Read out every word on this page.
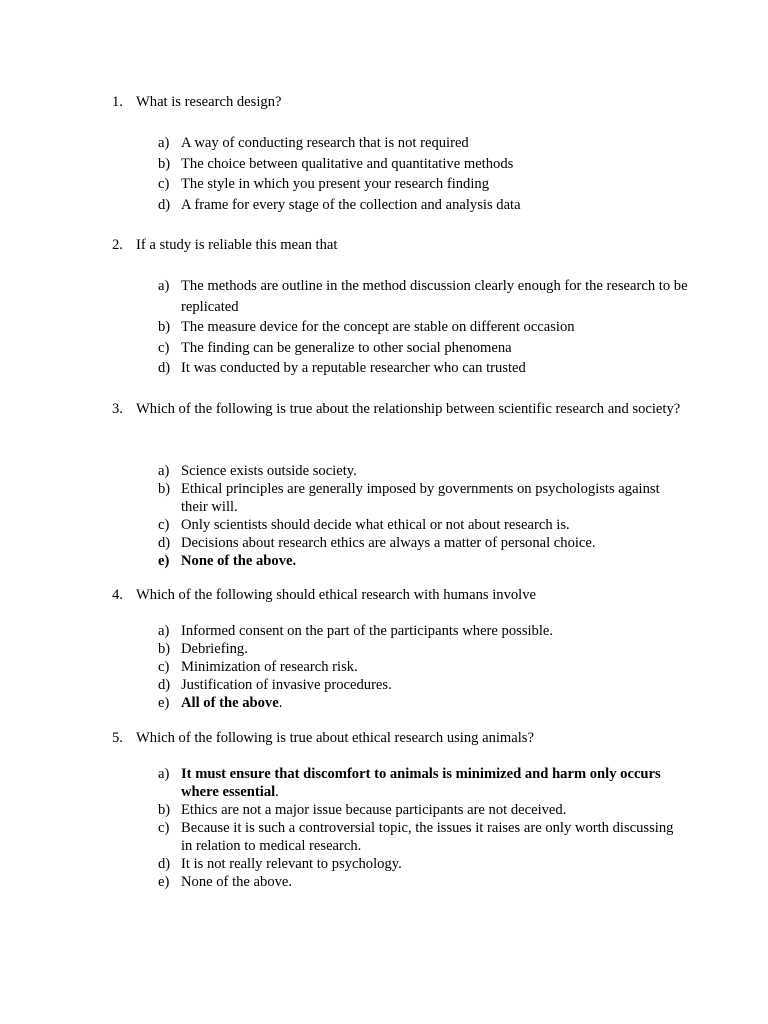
1. What is research design?
a) A way of conducting research that is not required
b) The choice between qualitative and quantitative methods
c) The style in which you present your research finding
d) A frame for every stage of the collection and analysis data
2. If a study is reliable this mean that
a) The methods are outline in the method discussion clearly enough for the research to be replicated
b) The measure device for the concept are stable on different occasion
c) The finding can be generalize to other social phenomena
d) It was conducted by a reputable researcher who can trusted
3. Which of the following is true about the relationship between scientific research and society?
a) Science exists outside society.
b) Ethical principles are generally imposed by governments on psychologists against their will.
c) Only scientists should decide what ethical or not about research is.
d) Decisions about research ethics are always a matter of personal choice.
e) None of the above.
4. Which of the following should ethical research with humans involve
a) Informed consent on the part of the participants where possible.
b) Debriefing.
c) Minimization of research risk.
d) Justification of invasive procedures.
e) All of the above.
5. Which of the following is true about ethical research using animals?
a) It must ensure that discomfort to animals is minimized and harm only occurs where essential.
b) Ethics are not a major issue because participants are not deceived.
c) Because it is such a controversial topic, the issues it raises are only worth discussing in relation to medical research.
d) It is not really relevant to psychology.
e) None of the above.
